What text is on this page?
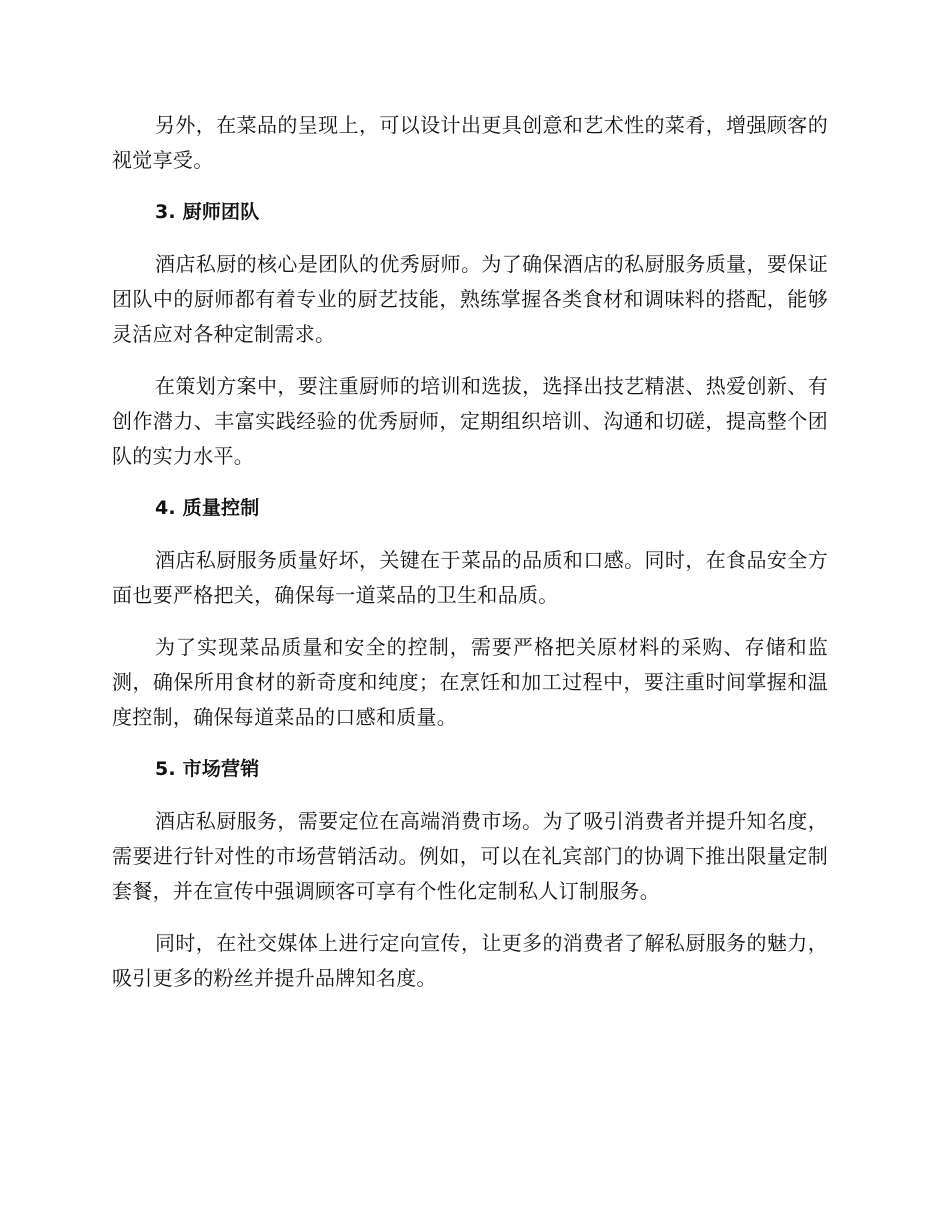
另外，在菜品的呈现上，可以设计出更具创意和艺术性的菜肴，增强顾客的视觉享受。

3. 厨师团队

酒店私厨的核心是团队的优秀厨师。为了确保酒店的私厨服务质量，要保证团队中的厨师都有着专业的厨艺技能，熟练掌握各类食材和调味料的搭配，能够灵活应对各种定制需求。

在策划方案中，要注重厨师的培训和选拔，选择出技艺精湛、热爱创新、有创作潜力、丰富实践经验的优秀厨师，定期组织培训、沟通和切磋，提高整个团队的实力水平。

4. 质量控制

酒店私厨服务质量好坏，关键在于菜品的品质和口感。同时，在食品安全方面也要严格把关，确保每一道菜品的卫生和品质。

为了实现菜品质量和安全的控制，需要严格把关原材料的采购、存储和监测，确保所用食材的新奇度和纯度；在烹饪和加工过程中，要注重时间掌握和温度控制，确保每道菜品的口感和质量。

5. 市场营销

酒店私厨服务，需要定位在高端消费市场。为了吸引消费者并提升知名度，需要进行针对性的市场营销活动。例如，可以在礼宾部门的协调下推出限量定制套餐，并在宣传中强调顾客可享有个性化定制私人订制服务。

同时，在社交媒体上进行定向宣传，让更多的消费者了解私厨服务的魅力，吸引更多的粉丝并提升品牌知名度。
